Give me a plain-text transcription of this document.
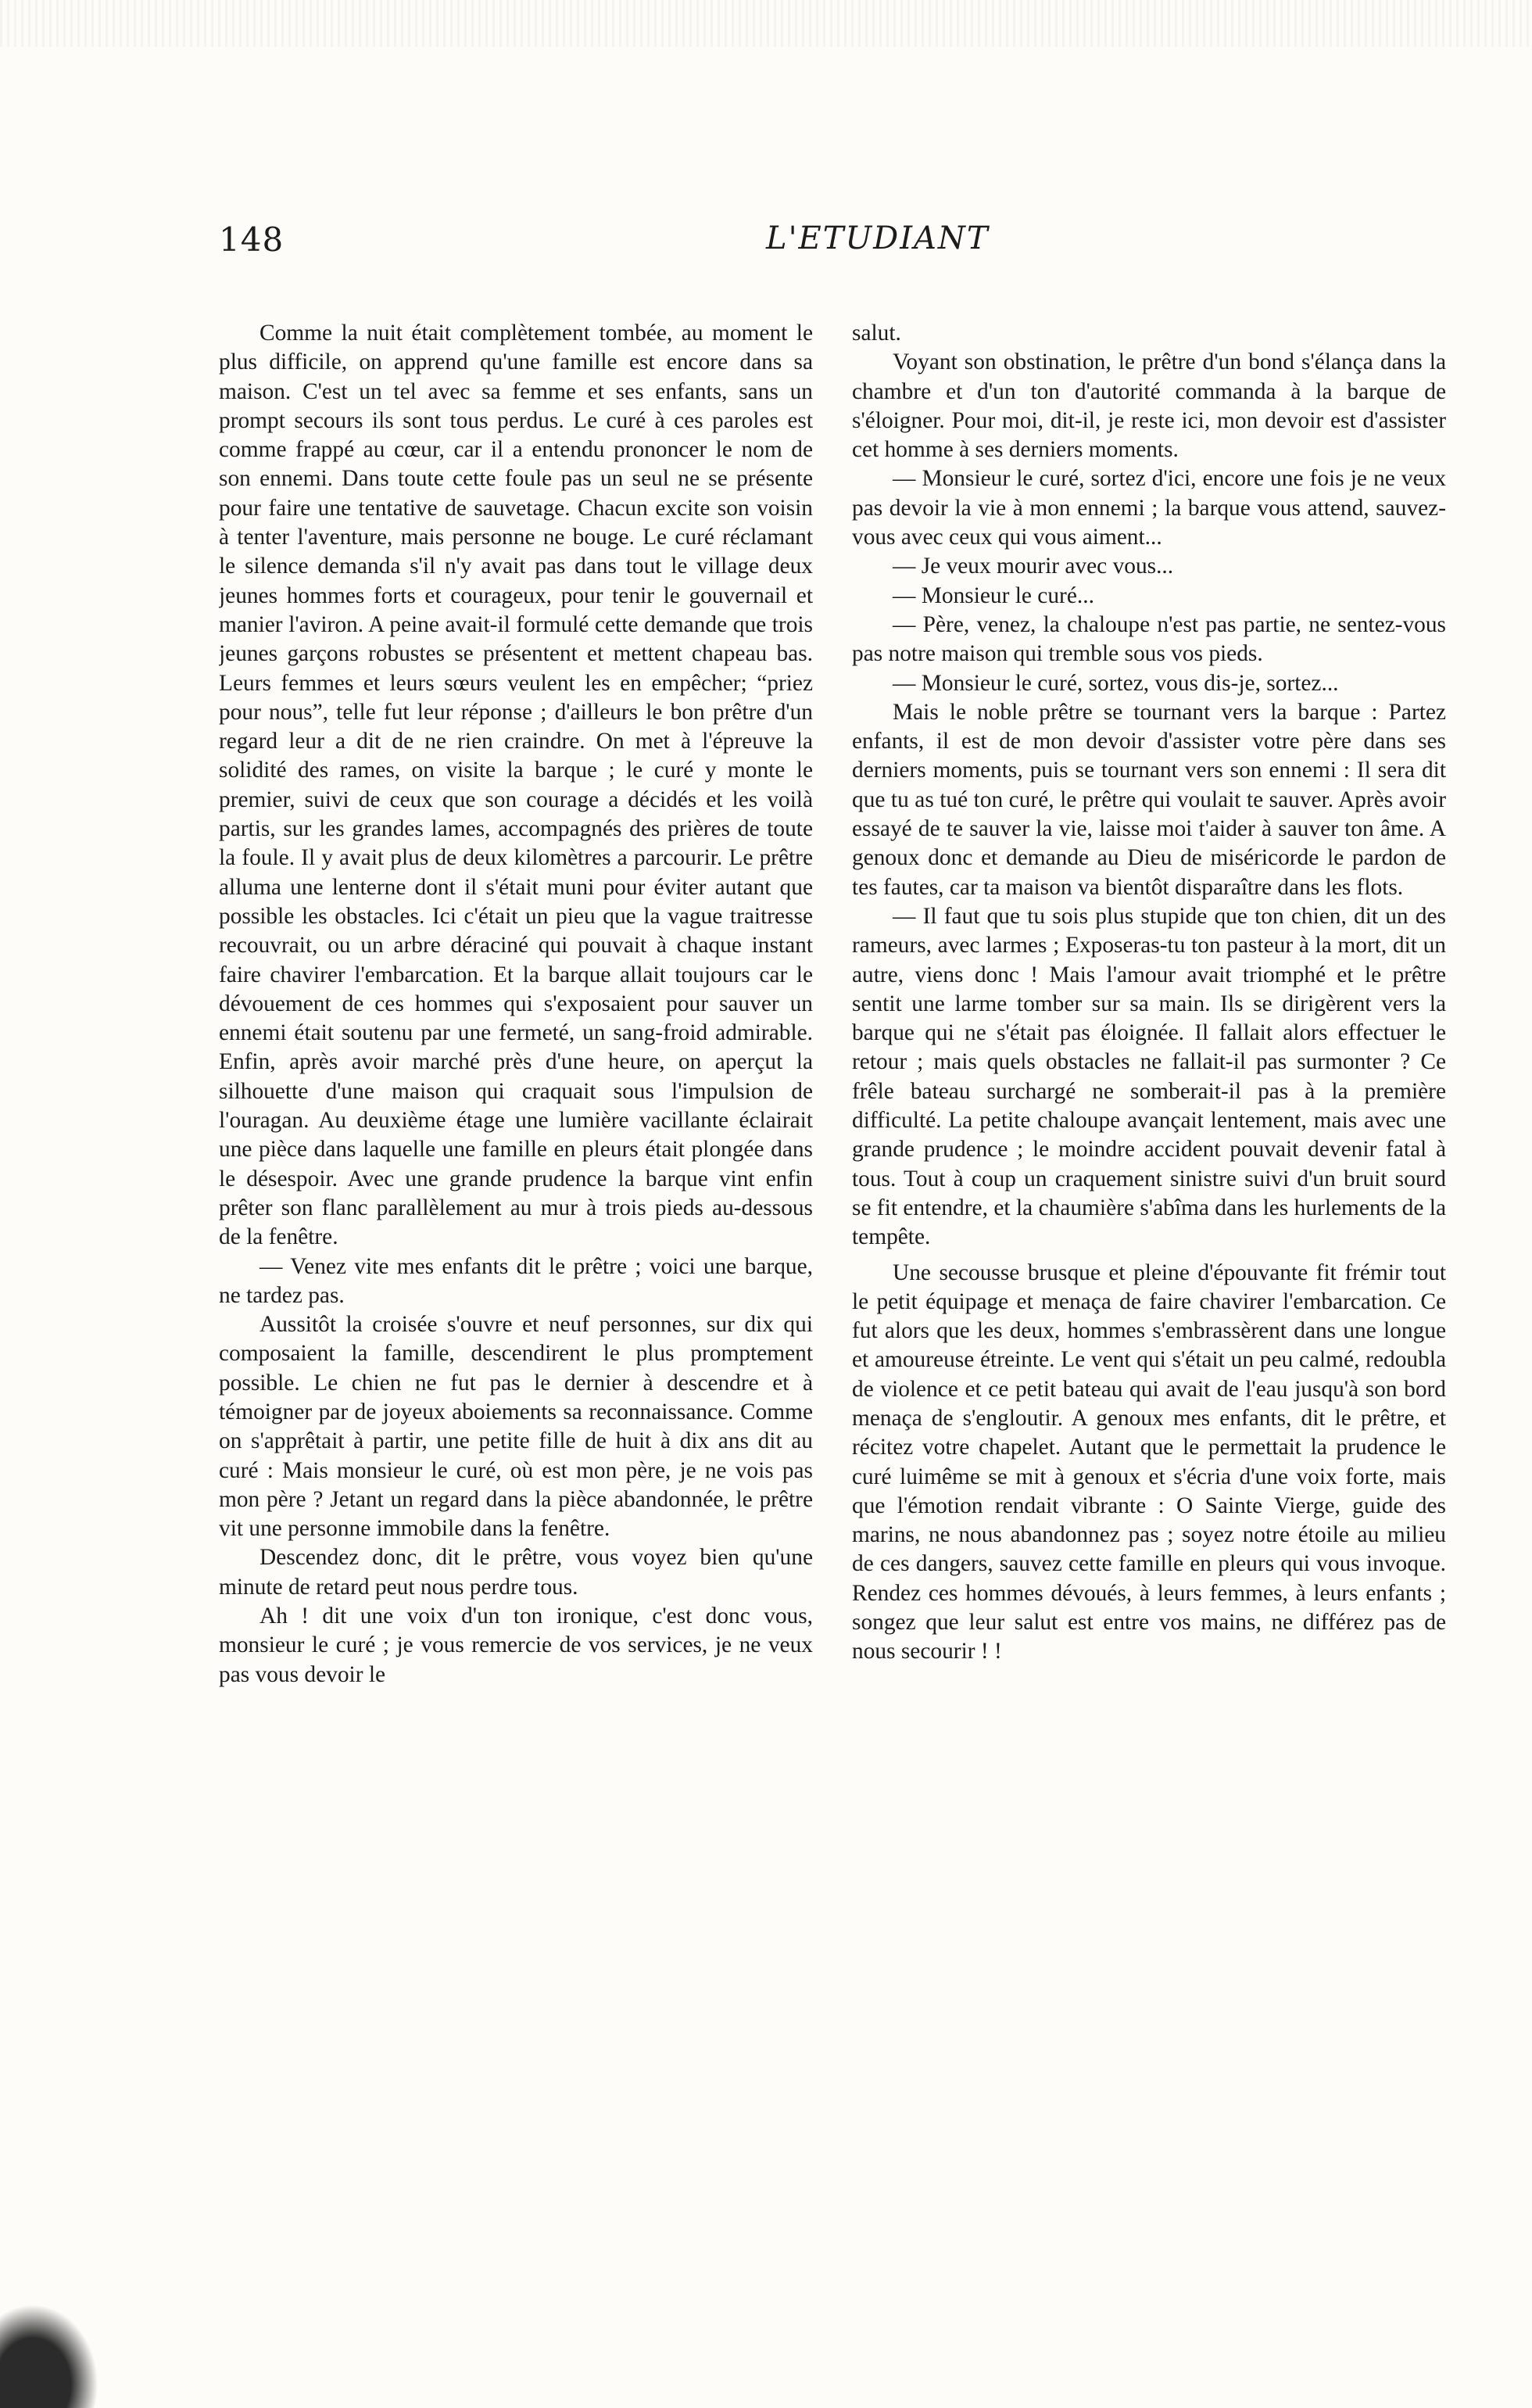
148	L'ETUDIANT

Comme la nuit était complètement tombée, au moment le plus difficile, on apprend qu'une famille est encore dans sa maison. C'est un tel avec sa femme et ses enfants, sans un prompt secours ils sont tous perdus. Le curé à ces paroles est comme frappé au cœur, car il a entendu prononcer le nom de son ennemi. Dans toute cette foule pas un seul ne se présente pour faire une tentative de sauvetage. Chacun excite son voisin à tenter l'aventure, mais personne ne bouge. Le curé réclamant le silence demanda s'il n'y avait pas dans tout le village deux jeunes hommes forts et courageux, pour tenir le gouvernail et manier l'aviron. A peine avait-il formulé cette demande que trois jeunes garçons robustes se présentent et mettent chapeau bas. Leurs femmes et leurs sœurs veulent les en empêcher; “priez pour nous”, telle fut leur réponse ; d'ailleurs le bon prêtre d'un regard leur a dit de ne rien craindre. On met à l'épreuve la solidité des rames, on visite la barque ; le curé y monte le premier, suivi de ceux que son courage a décidés et les voilà partis, sur les grandes lames, accompagnés des prières de toute la foule. Il y avait plus de deux kilomètres a parcourir. Le prêtre alluma une lenterne dont il s'était muni pour éviter autant que possible les obstacles. Ici c'était un pieu que la vague traitresse recouvrait, ou un arbre déraciné qui pouvait à chaque instant faire chavirer l'embarcation. Et la barque allait toujours car le dévouement de ces hommes qui s'exposaient pour sauver un ennemi était soutenu par une fermeté, un sang-froid admirable. Enfin, après avoir marché près d'une heure, on aperçut la silhouette d'une maison qui craquait sous l'impulsion de l'ouragan. Au deuxième étage une lumière vacillante éclairait une pièce dans laquelle une famille en pleurs était plongée dans le désespoir. Avec une grande prudence la barque vint enfin prêter son flanc parallèlement au mur à trois pieds au-dessous de la fenêtre.

— Venez vite mes enfants dit le prêtre ; voici une barque, ne tardez pas.

Aussitôt la croisée s'ouvre et neuf personnes, sur dix qui composaient la famille, descendirent le plus promptement possible. Le chien ne fut pas le dernier à descendre et à témoigner par de joyeux aboiements sa reconnaissance. Comme on s'apprêtait à partir, une petite fille de huit à dix ans dit au curé : Mais monsieur le curé, où est mon père, je ne vois pas mon père ? Jetant un regard dans la pièce abandonnée, le prêtre vit une personne immobile dans la fenêtre.

Descendez donc, dit le prêtre, vous voyez bien qu'une minute de retard peut nous perdre tous.

Ah ! dit une voix d'un ton ironique, c'est donc vous, monsieur le curé ; je vous remercie de vos services, je ne veux pas vous devoir le

salut.

Voyant son obstination, le prêtre d'un bond s'élança dans la chambre et d'un ton d'autorité commanda à la barque de s'éloigner. Pour moi, dit-il, je reste ici, mon devoir est d'assister cet homme à ses derniers moments.

— Monsieur le curé, sortez d'ici, encore une fois je ne veux pas devoir la vie à mon ennemi ; la barque vous attend, sauvez-vous avec ceux qui vous aiment...

— Je veux mourir avec vous...

— Monsieur le curé...

— Père, venez, la chaloupe n'est pas partie, ne sentez-vous pas notre maison qui tremble sous vos pieds.

— Monsieur le curé, sortez, vous dis-je, sortez...

Mais le noble prêtre se tournant vers la barque : Partez enfants, il est de mon devoir d'assister votre père dans ses derniers moments, puis se tournant vers son ennemi : Il sera dit que tu as tué ton curé, le prêtre qui voulait te sauver. Après avoir essayé de te sauver la vie, laisse moi t'aider à sauver ton âme. A genoux donc et demande au Dieu de miséricorde le pardon de tes fautes, car ta maison va bientôt disparaître dans les flots.

— Il faut que tu sois plus stupide que ton chien, dit un des rameurs, avec larmes ; Exposeras-tu ton pasteur à la mort, dit un autre, viens donc ! Mais l'amour avait triomphé et le prêtre sentit une larme tomber sur sa main. Ils se dirigèrent vers la barque qui ne s'était pas éloignée. Il fallait alors effectuer le retour ; mais quels obstacles ne fallait-il pas surmonter ? Ce frêle bateau surchargé ne somberait-il pas à la première difficulté. La petite chaloupe avançait lentement, mais avec une grande prudence ; le moindre accident pouvait devenir fatal à tous. Tout à coup un craquement sinistre suivi d'un bruit sourd se fit entendre, et la chaumière s'abîma dans les hurlements de la tempête.

Une secousse brusque et pleine d'épouvante fit frémir tout le petit équipage et menaça de faire chavirer l'embarcation. Ce fut alors que les deux, hommes s'embrassèrent dans une longue et amoureuse étreinte. Le vent qui s'était un peu calmé, redoubla de violence et ce petit bateau qui avait de l'eau jusqu'à son bord menaça de s'engloutir. A genoux mes enfants, dit le prêtre, et récitez votre chapelet. Autant que le permettait la prudence le curé luimême se mit à genoux et s'écria d'une voix forte, mais que l'émotion rendait vibrante : O Sainte Vierge, guide des marins, ne nous abandonnez pas ; soyez notre étoile au milieu de ces dangers, sauvez cette famille en pleurs qui vous invoque. Rendez ces hommes dévoués, à leurs femmes, à leurs enfants ; songez que leur salut est entre vos mains, ne différez pas de nous secourir ! !
